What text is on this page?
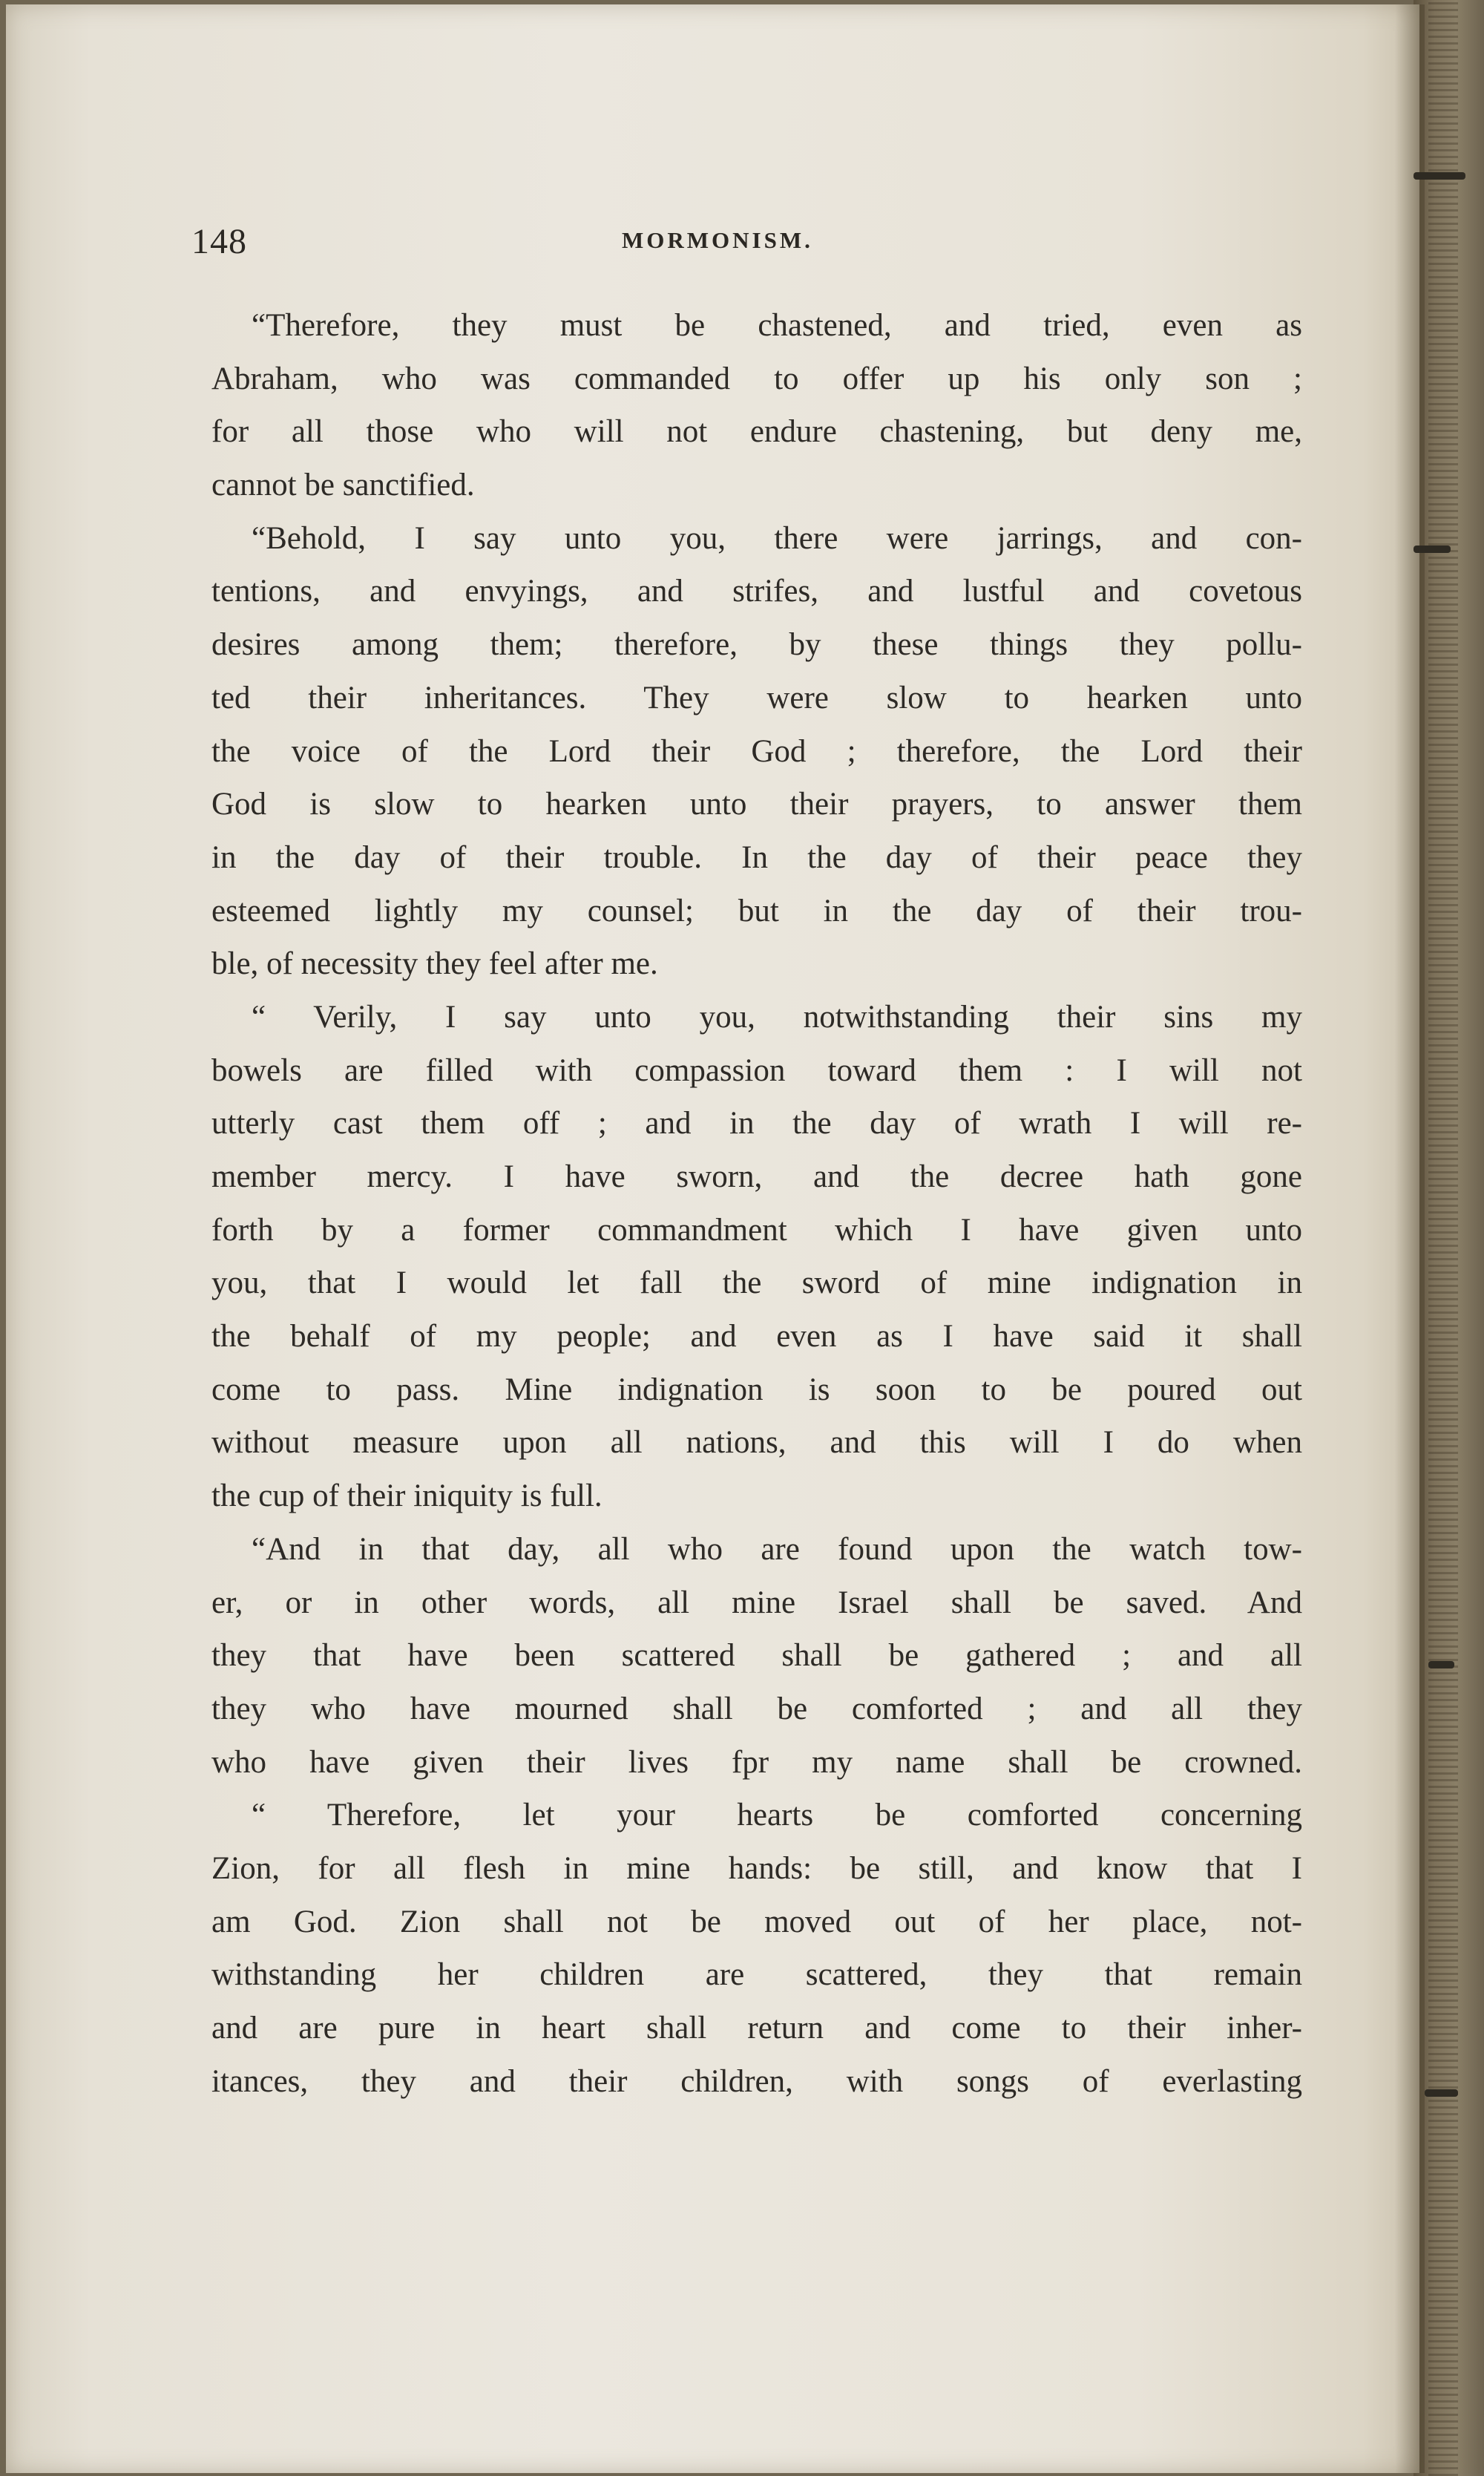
148	MORMONISM.
“Therefore, they must be chastened, and tried, even as
Abraham, who was commanded to offer up his only son ;
for all those who will not endure chastening, but deny me,
cannot be sanctified.
“Behold, I say unto you, there were jarrings, and con-
tentions, and envyings, and strifes, and lustful and covetous
desires among them; therefore, by these things they pollu-
ted their inheritances. They were slow to hearken unto
the voice of the Lord their God ; therefore, the Lord their
God is slow to hearken unto their prayers, to answer them
in the day of their trouble. In the day of their peace they
esteemed lightly my counsel; but in the day of their trou-
ble, of necessity they feel after me.
“ Verily, I say unto you, notwithstanding their sins my
bowels are filled with compassion toward them : I will not
utterly cast them off ; and in the day of wrath I will re-
member mercy. I have sworn, and the decree hath gone
forth by a former commandment which I have given unto
you, that I would let fall the sword of mine indignation in
the behalf of my people; and even as I have said it shall
come to pass. Mine indignation is soon to be poured out
without measure upon all nations, and this will I do when
the cup of their iniquity is full.
“And in that day, all who are found upon the watch tow-
er, or in other words, all mine Israel shall be saved. And
they that have been scattered shall be gathered ; and all
they who have mourned shall be comforted ; and all they
who have given their lives fpr my name shall be crowned.
“ Therefore, let your hearts be comforted concerning
Zion, for all flesh in mine hands: be still, and know that I
am God. Zion shall not be moved out of her place, not-
withstanding her children are scattered, they that remain
and are pure in heart shall return and come to their inher-
itances, they and their children, with songs of everlasting
